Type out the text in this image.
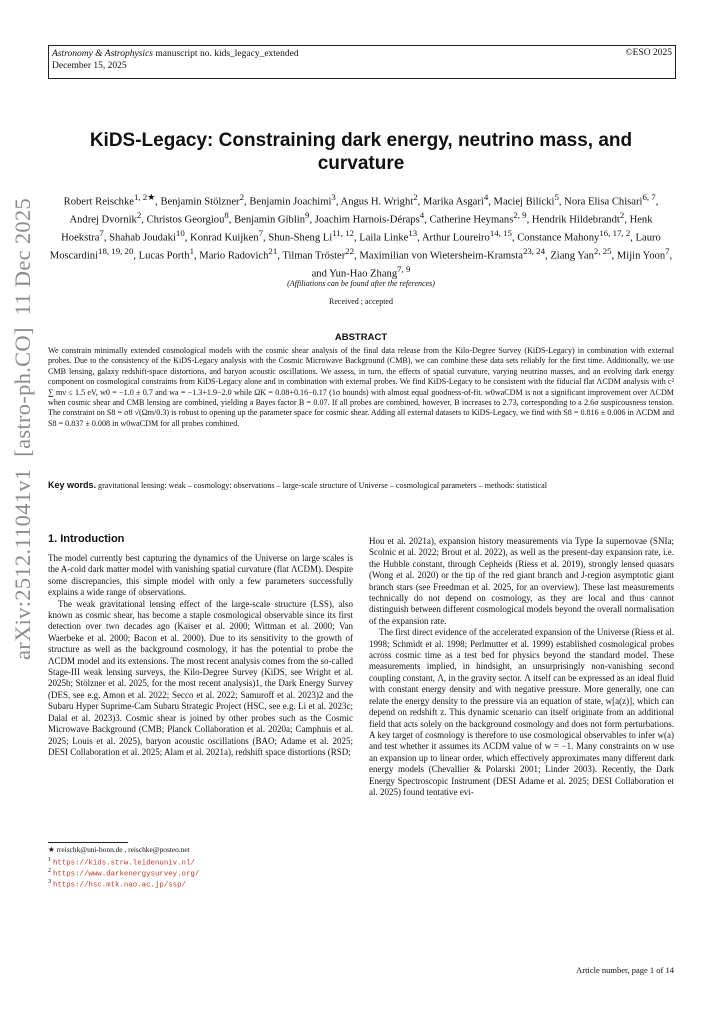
Astronomy & Astrophysics manuscript no. kids_legacy_extended
December 15, 2025
©ESO 2025
arXiv:2512.11041v1  [astro-ph.CO]  11 Dec 2025
KiDS-Legacy: Constraining dark energy, neutrino mass, and curvature
Robert Reischke$^{1, 2★}$, Benjamin Stölzner$^2$, Benjamin Joachimi$^3$, Angus H. Wright$^2$, Marika Asgari$^4$, Maciej Bilicki$^5$, Nora Elisa Chisari$^{6, 7}$, Andrej Dvornik$^2$, Christos Georgiou$^8$, Benjamin Giblin$^9$, Joachim Harnois-Déraps$^4$, Catherine Heymans$^{2, 9}$, Hendrik Hildebrandt$^2$, Henk Hoekstra$^7$, Shahab Joudaki$^{10}$, Konrad Kuijken$^7$, Shun-Sheng Li$^{11, 12}$, Laila Linke$^{13}$, Arthur Loureiro$^{14, 15}$, Constance Mahony$^{16, 17, 2}$, Lauro Moscardini$^{18, 19, 20}$, Lucas Porth$^1$, Mario Radovich$^{21}$, Tilman Tröster$^{22}$, Maximilian von Wietersheim-Kramsta$^{23, 24}$, Ziang Yan$^{2, 25}$, Mijin Yoon$^7$, and Yun-Hao Zhang$^{7, 9}$
(Affiliations can be found after the references)
Received ; accepted
ABSTRACT
We constrain minimally extended cosmological models with the cosmic shear analysis of the final data release from the Kilo-Degree Survey (KiDS-Legacy) in combination with external probes. Due to the consistency of the KiDS-Legacy analysis with the Cosmic Microwave Background (CMB), we can combine these data sets reliably for the first time. Additionally, we use CMB lensing, galaxy redshift-space distortions, and baryon acoustic oscillations. We assess, in turn, the effects of spatial curvature, varying neutrino masses, and an evolving dark energy component on cosmological constraints from KiDS-Legacy alone and in combination with external probes. We find KiDS-Legacy to be consistent with the fiducial flat ΛCDM analysis with c² ∑ mν ≤ 1.5 eV, w0 = −1.0 ± 0.7 and wa = −1.3+1.9−2.0 while ΩK = 0.08+0.16−0.17 (1σ bounds) with almost equal goodness-of-fit. w0waCDM is not a significant improvement over ΛCDM when cosmic shear and CMB lensing are combined, yielding a Bayes factor B = 0.07. If all probes are combined, however, B increases to 2.73, corresponding to a 2.6σ suspicousness tension. The constraint on S8 = σ8 √(Ωm/0.3) is robust to opening up the parameter space for cosmic shear. Adding all external datasets to KiDS-Legacy, we find with S8 = 0.816 ± 0.006 in ΛCDM and S8 = 0.837 ± 0.008 in w0waCDM for all probes combined.
Key words. gravitational lensing: weak – cosmology: observations – large-scale structure of Universe – cosmological parameters – methods: statistical
1. Introduction

The model currently best capturing the dynamics of the Universe on large scales is the A-cold dark matter model with vanishing spatial curvature (flat ΛCDM). Despite some discrepancies, this simple model with only a few parameters successfully explains a wide range of observations.

The weak gravitational lensing effect of the large-scale structure (LSS), also known as cosmic shear, has become a staple cosmological observable since its first detection over two decades ago (Kaiser et al. 2000; Wittman et al. 2000; Van Waerbeke et al. 2000; Bacon et al. 2000). Due to its sensitivity to the growth of structure as well as the background cosmology, it has the potential to probe the ΛCDM model and its extensions. The most recent analysis comes from the so-called Stage-III weak lensing surveys, the Kilo-Degree Survey (KiDS, see Wright et al. 2025b; Stölzner et al. 2025, for the most recent analysis)1, the Dark Energy Survey (DES, see e.g. Amon et al. 2022; Secco et al. 2022; Samuroff et al. 2023)2 and the Subaru Hyper Suprime-Cam Subaru Strategic Project (HSC, see e.g. Li et al. 2023c; Dalal et al. 2023)3. Cosmic shear is joined by other probes such as the Cosmic Microwave Background (CMB; Planck Collaboration et al. 2020a; Camphuis et al. 2025; Louis et al. 2025), baryon acoustic oscillations (BAO; Adame et al. 2025; DESI Collaboration et al. 2025; Alam et al. 2021a), redshift space distortions (RSD;

Hou et al. 2021a), expansion history measurements via Type Ia supernovae (SNIa; Scolnic et al. 2022; Brout et al. 2022), as well as the present-day expansion rate, i.e. the Hubble constant, through Cepheids (Riess et al. 2019), strongly lensed quasars (Wong et al. 2020) or the tip of the red giant branch and J-region asymptotic giant branch stars (see Freedman et al. 2025, for an overview). These last measurements technically do not depend on cosmology, as they are local and thus cannot distinguish between different cosmological models beyond the overall normalisation of the expansion rate.

The first direct evidence of the accelerated expansion of the Universe (Riess et al. 1998; Schmidt et al. 1998; Perlmutter et al. 1999) established cosmological probes across cosmic time as a test bed for physics beyond the standard model. These measurements implied, in hindsight, an unsurprisingly non-vanishing second coupling constant, Λ, in the gravity sector. Λ itself can be expressed as an ideal fluid with constant energy density and with negative pressure. More generally, one can relate the energy density to the pressure via an equation of state, w[a(z)], which can depend on redshift z. This dynamic scenario can itself originate from an additional field that acts solely on the background cosmology and does not form perturbations. A key target of cosmology is therefore to use cosmological observables to infer w(a) and test whether it assumes its ΛCDM value of w = −1. Many constraints on w use an expansion up to linear order, which effectively approximates many different dark energy models (Chevallier & Polarski 2001; Linder 2003). Recently, the Dark Energy Spectroscopic Instrument (DESI Adame et al. 2025; DESI Collaboration et al. 2025) found tentative evi-

★ rreischk@uni-bonn.de , reischke@posteo.net
$^1$ https://kids.strw.leidenuniv.nl/
$^2$ https://www.darkenergysurvey.org/
$^3$ https://hsc.mtk.nao.ac.jp/ssp/
Article number, page 1 of 14
